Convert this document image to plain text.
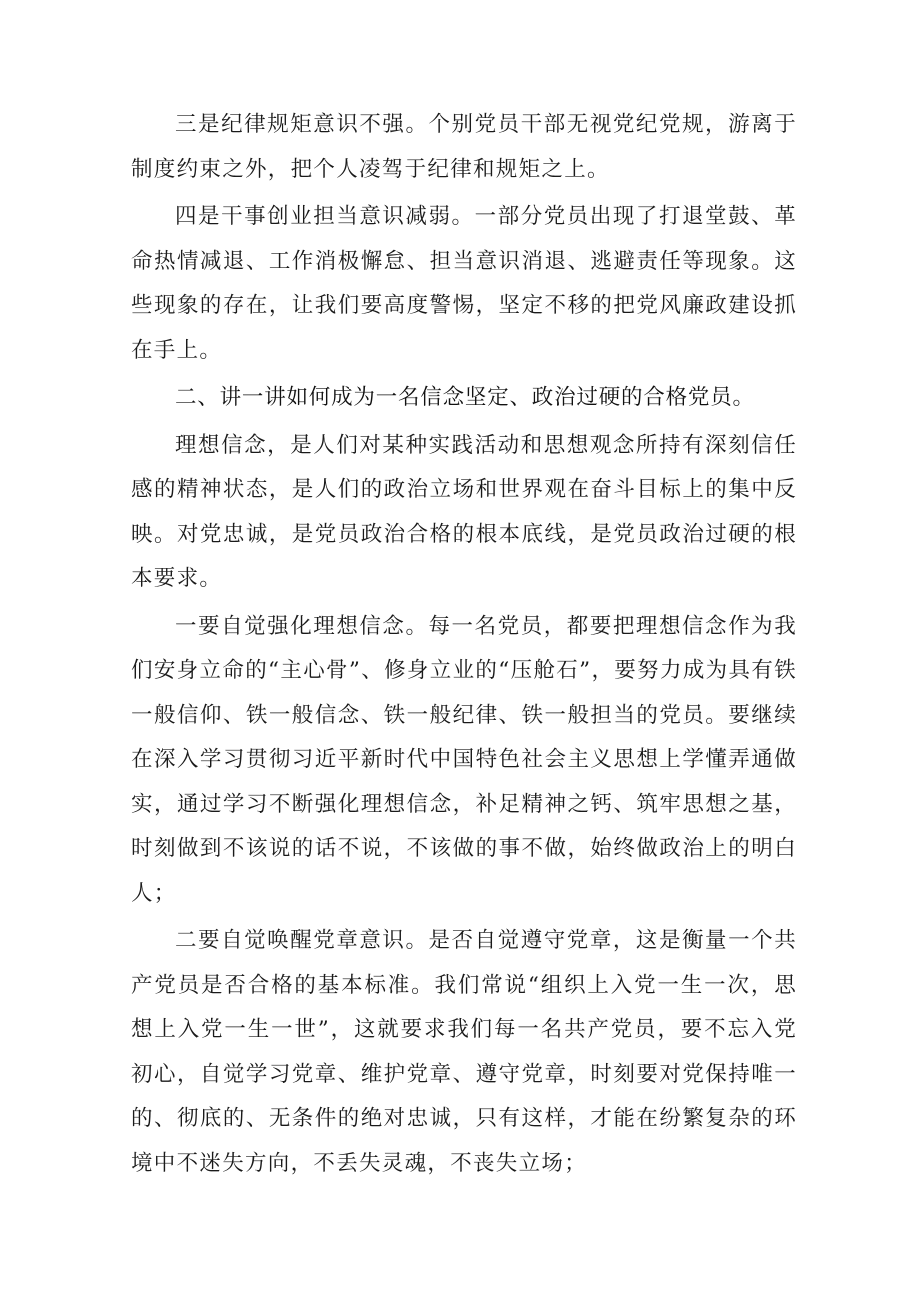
三是纪律规矩意识不强。个别党员干部无视党纪党规，游离于制度约束之外，把个人凌驾于纪律和规矩之上。

四是干事创业担当意识减弱。一部分党员出现了打退堂鼓、革命热情减退、工作消极懈怠、担当意识消退、逃避责任等现象。这些现象的存在，让我们要高度警惕，坚定不移的把党风廉政建设抓在手上。

二、讲一讲如何成为一名信念坚定、政治过硬的合格党员。

理想信念，是人们对某种实践活动和思想观念所持有深刻信任感的精神状态，是人们的政治立场和世界观在奋斗目标上的集中反映。对党忠诚，是党员政治合格的根本底线，是党员政治过硬的根本要求。

一要自觉强化理想信念。每一名党员，都要把理想信念作为我们安身立命的“主心骨”、修身立业的“压舱石”，要努力成为具有铁一般信仰、铁一般信念、铁一般纪律、铁一般担当的党员。要继续在深入学习贯彻习近平新时代中国特色社会主义思想上学懂弄通做实，通过学习不断强化理想信念，补足精神之钙、筑牢思想之基，时刻做到不该说的话不说，不该做的事不做，始终做政治上的明白人；

二要自觉唤醒党章意识。是否自觉遵守党章，这是衡量一个共产党员是否合格的基本标准。我们常说“组织上入党一生一次，思想上入党一生一世”，这就要求我们每一名共产党员，要不忘入党初心，自觉学习党章、维护党章、遵守党章，时刻要对党保持唯一的、彻底的、无条件的绝对忠诚，只有这样，才能在纷繁复杂的环境中不迷失方向，不丢失灵魂，不丧失立场；
